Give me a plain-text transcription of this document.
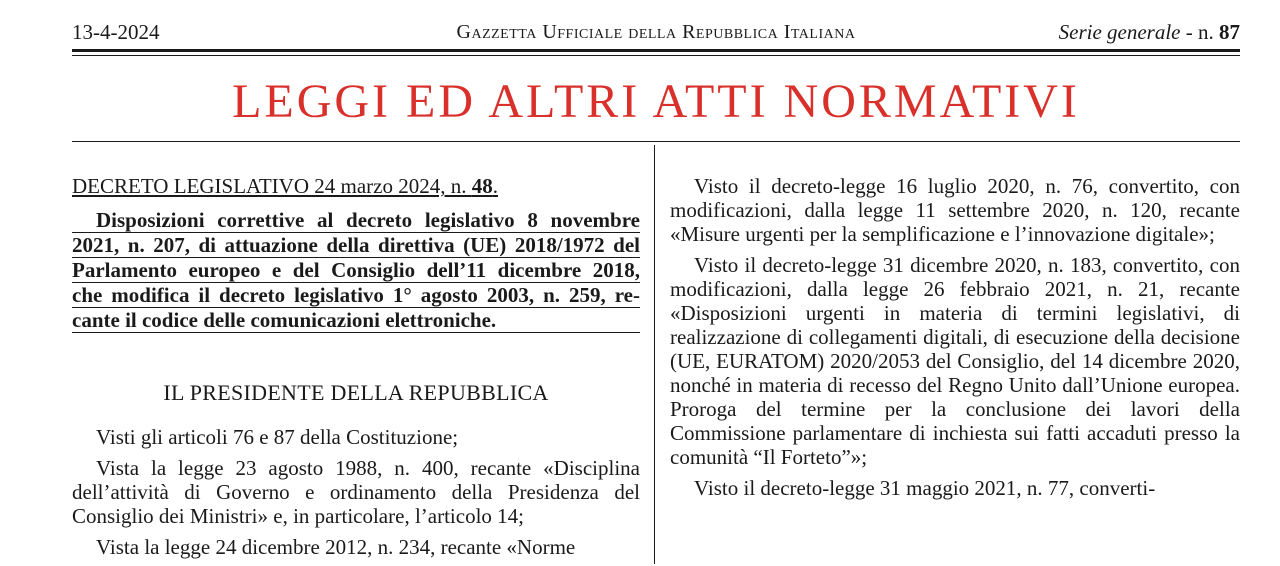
13-4-2024	Gazzetta Ufficiale della Repubblica Italiana	Serie generale - n. 87
LEGGI ED ALTRI ATTI NORMATIVI
DECRETO LEGISLATIVO 24 marzo 2024, n. 48.
Disposizioni correttive al decreto legislativo 8 novembre
2021, n. 207, di attuazione della direttiva (UE) 2018/1972 del
Parlamento europeo e del Consiglio dell’11 dicembre 2018,
che modifica il decreto legislativo 1° agosto 2003, n. 259, re-
cante il codice delle comunicazioni elettroniche.
IL PRESIDENTE DELLA REPUBBLICA

Visti gli articoli 76 e 87 della Costituzione;

Vista la legge 23 agosto 1988, n. 400, recante «Disciplina dell’attività di Governo e ordinamento della Presidenza del Consiglio dei Ministri» e, in particolare, l’articolo 14;

Vista la legge 24 dicembre 2012, n. 234, recante «Norme

Visto il decreto-legge 16 luglio 2020, n. 76, convertito, con modificazioni, dalla legge 11 settembre 2020, n. 120, recante «Misure urgenti per la semplificazione e l’innovazione digitale»;

Visto il decreto-legge 31 dicembre 2020, n. 183, convertito, con modificazioni, dalla legge 26 febbraio 2021, n. 21, recante «Disposizioni urgenti in materia di termini legislativi, di realizzazione di collegamenti digitali, di esecuzione della decisione (UE, EURATOM) 2020/2053 del Consiglio, del 14 dicembre 2020, nonché in materia di recesso del Regno Unito dall’Unione europea. Proroga del termine per la conclusione dei lavori della Commissione parlamentare di inchiesta sui fatti accaduti presso la comunità “Il Forteto”»;

Visto il decreto-legge 31 maggio 2021, n. 77, converti-
